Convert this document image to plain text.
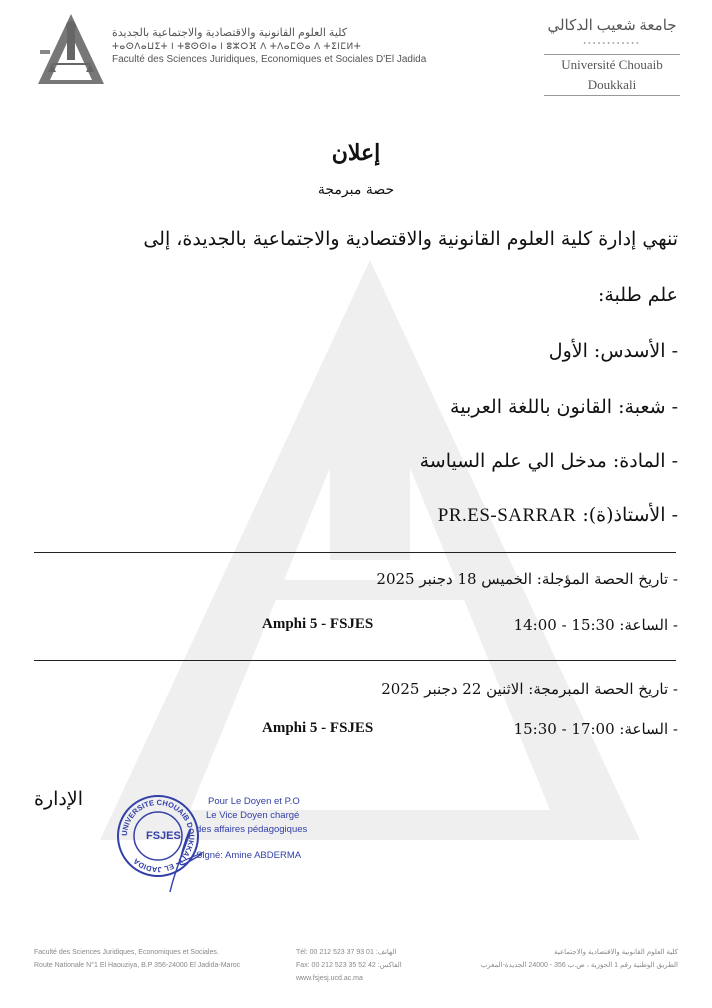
كلية العلوم القانونية والاقتصادية والاجتماعية بالجديدة
ⵜⴰⵙⴷⴰⵡⵉⵜ ⵏ ⵜⵓⵙⵙⵏⴰ ⵏ ⵓⵣⵔⴼ ⴷ ⵜⴷⴰⵎⵙⴰ ⴷ ⵜⵉⵏⵎⵍⵜ
Faculté des Sciences Juridiques, Economiques et Sociales D'El Jadida
جامعة شعيب الدكالي
••••••••••••
Université Chouaib Doukkali
إعلان
حصة مبرمجة
تنهي إدارة كلية العلوم القانونية والاقتصادية والاجتماعية بالجديدة، إلى
علم طلبة:
- الأسدس: الأول
- شعبة: القانون باللغة العربية
- المادة: مدخل الي علم السياسة
- الأستاذ(ة): PR.ES-SARRAR
- تاريخ الحصة المؤجلة: الخميس 18 دجنبر 2025
- الساعة: 14:00 - 15:30
Amphi 5 - FSJES
- تاريخ الحصة المبرمجة: الاثنين 22 دجنبر 2025
- الساعة: 15:30 - 17:00
Amphi 5 - FSJES
الإدارة
UNIVERSITE CHOUAIB DOUKKALI · EL JADIDA
FSJES
Pour Le Doyen et P.O
Le Vice Doyen chargé
des affaires pédagogiques
Signé: Amine ABDERMA
Faculté des Sciences Juridiques, Economiques et Sociales.
Route Nationale N°1 El Haouziya, B.P 356-24000 El Jadida-Maroc
Tél: 00 212 523 37 93 01 :الهاتف
Fax: 00 212 523 35 52 42 :الفاكس
www.fsjesj.ucd.ac.ma
كلية العلوم القانونية والاقتصادية والاجتماعية
الطريق الوطنية رقم 1 الحوزية ، ص.ب 356 - 24000 الجديدة-المغرب
